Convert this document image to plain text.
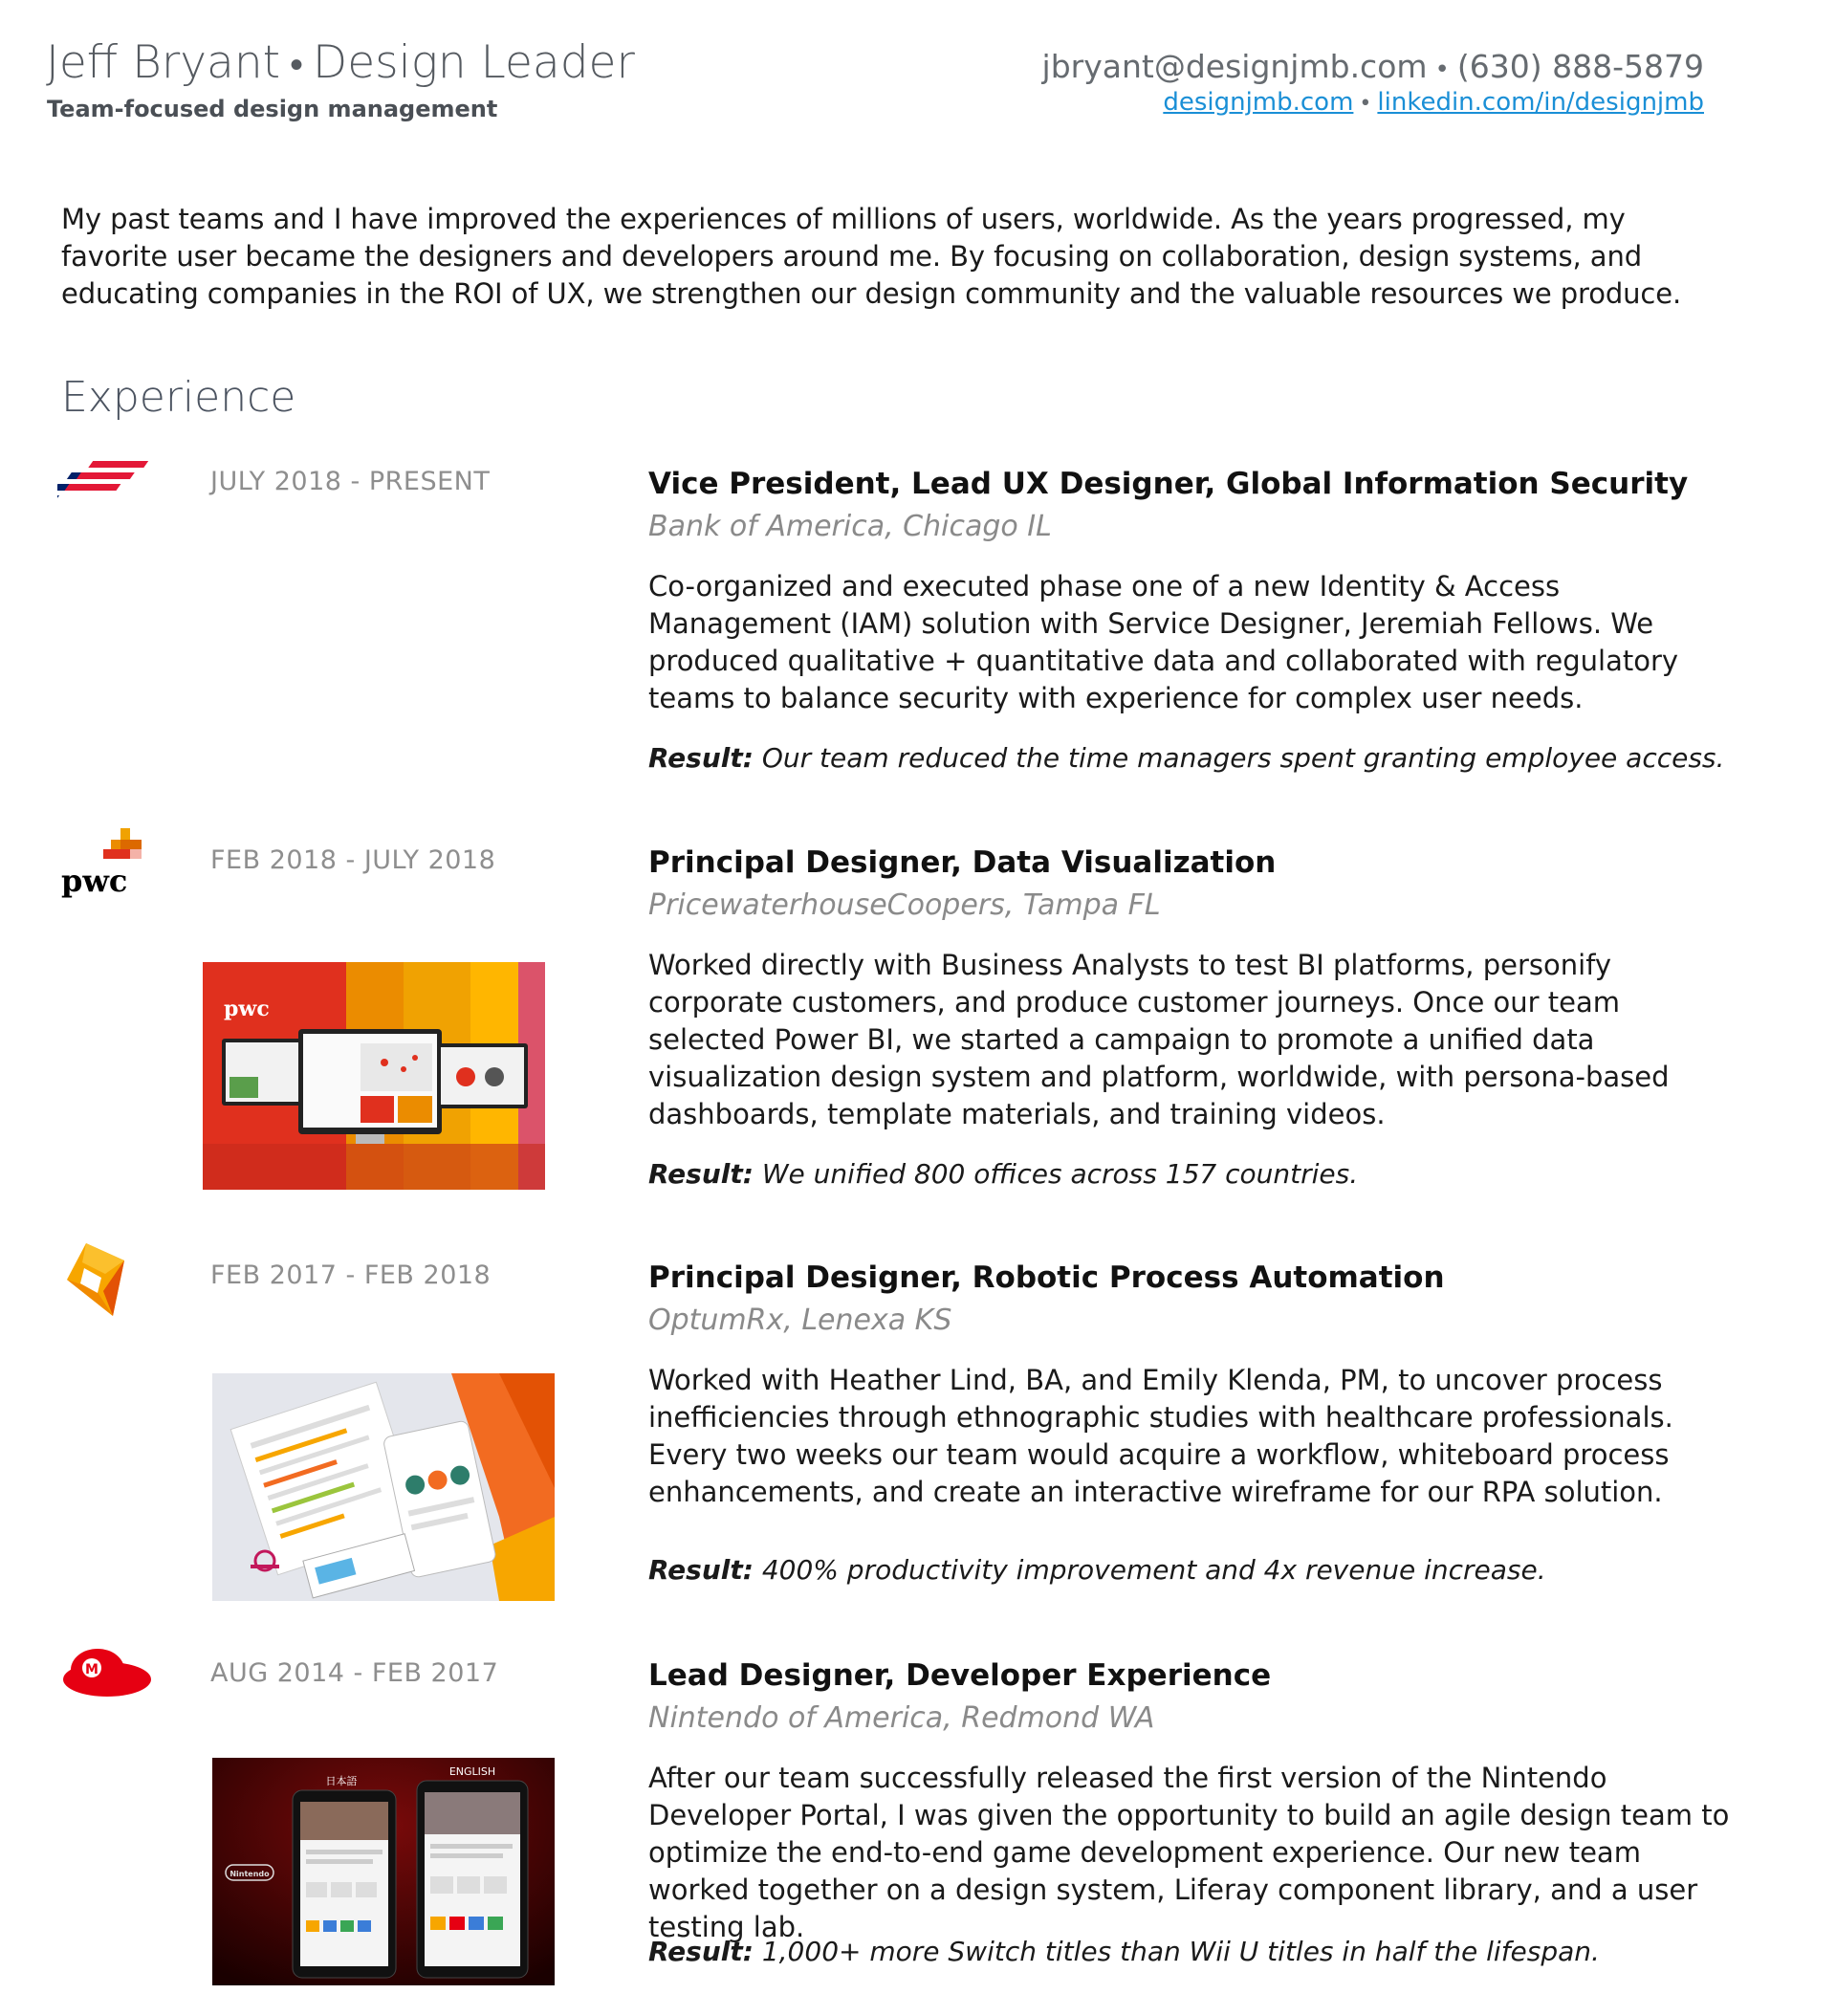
Jeff Bryant • Design Leader
Team-focused design management
jbryant@designjmb.com • (630) 888-5879
designjmb.com • linkedin.com/in/designjmb
My past teams and I have improved the experiences of millions of users, worldwide. As the years progressed, my favorite user became the designers and developers around me. By focusing on collaboration, design systems, and educating companies in the ROI of UX, we strengthen our design community and the valuable resources we produce.
Experience
JULY 2018 - PRESENT	Vice President, Lead UX Designer, Global Information Security
Bank of America, Chicago IL
Co-organized and executed phase one of a new Identity & Access Management (IAM) solution with Service Designer, Jeremiah Fellows. We produced qualitative + quantitative data and collaborated with regulatory teams to balance security with experience for complex user needs.
Result: Our team reduced the time managers spent granting employee access.
pwc
FEB 2018 - JULY 2018	Principal Designer, Data Visualization
PricewaterhouseCoopers, Tampa FL
Worked directly with Business Analysts to test BI platforms, personify corporate customers, and produce customer journeys. Once our team selected Power BI, we started a campaign to promote a unified data visualization design system and platform, worldwide, with persona-based dashboards, template materials, and training videos.
Result: We unified 800 offices across 157 countries.
pwc
FEB 2017 - FEB 2018	Principal Designer, Robotic Process Automation
OptumRx, Lenexa KS
Worked with Heather Lind, BA, and Emily Klenda, PM, to uncover process inefficiencies through ethnographic studies with healthcare professionals. Every two weeks our team would acquire a workflow, whiteboard process enhancements, and create an interactive wireframe for our RPA solution.
Result: 400% productivity improvement and 4x revenue increase.
M	AUG 2014 - FEB 2017	Lead Designer, Developer Experience
Nintendo of America, Redmond WA
After our team successfully released the first version of the Nintendo Developer Portal, I was given the opportunity to build an agile design team to optimize the end-to-end game development experience. Our new team worked together on a design system, Liferay component library, and a user testing lab.
Result: 1,000+ more Switch titles than Wii U titles in half the lifespan.
日本語
ENGLISH
Nintendo
